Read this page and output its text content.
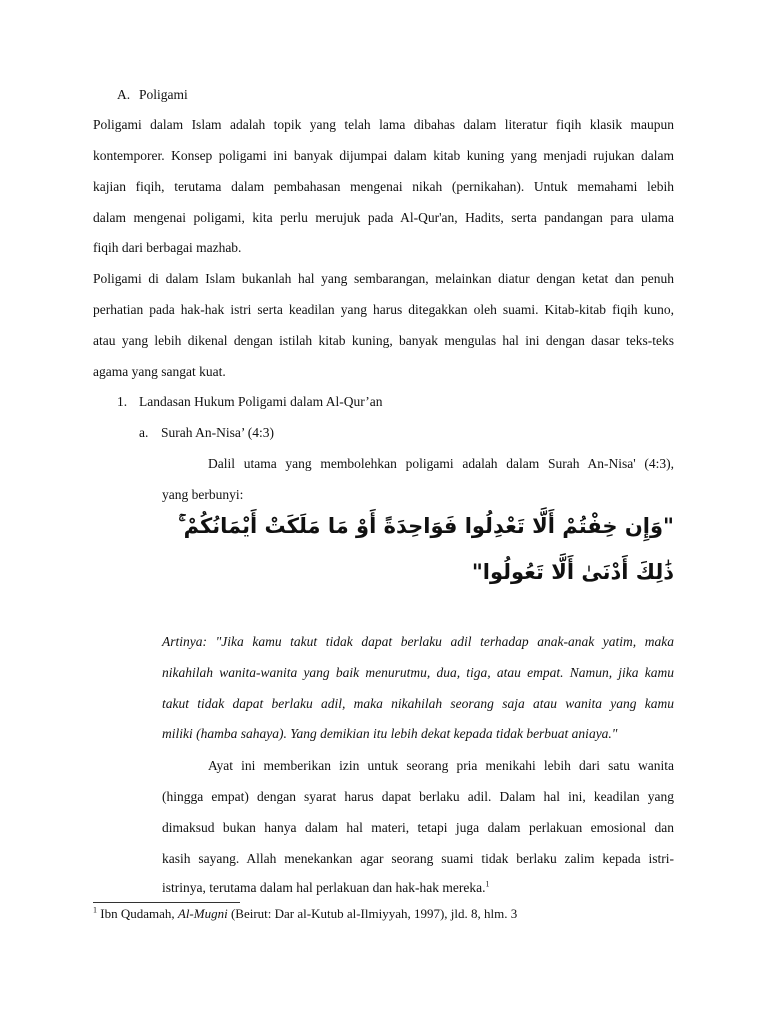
A. Poligami
Poligami dalam Islam adalah topik yang telah lama dibahas dalam literatur fiqih klasik maupun
kontemporer. Konsep poligami ini banyak dijumpai dalam kitab kuning yang menjadi rujukan dalam
kajian fiqih, terutama dalam pembahasan mengenai nikah (pernikahan). Untuk memahami lebih
dalam mengenai poligami, kita perlu merujuk pada Al-Qur'an, Hadits, serta pandangan para ulama
fiqih dari berbagai mazhab.
Poligami di dalam Islam bukanlah hal yang sembarangan, melainkan diatur dengan ketat dan penuh
perhatian pada hak-hak istri serta keadilan yang harus ditegakkan oleh suami. Kitab-kitab fiqih kuno,
atau yang lebih dikenal dengan istilah kitab kuning, banyak mengulas hal ini dengan dasar teks-teks
agama yang sangat kuat.
1. Landasan Hukum Poligami dalam Al-Qur’an
a. Surah An-Nisa’ (4:3)
Dalil utama yang membolehkan poligami adalah dalam Surah An-Nisa' (4:3),
yang berbunyi:
"وَإِن خِفْتُمْ أَلَّا تَعْدِلُوا فَوَاحِدَةً أَوْ مَا مَلَكَتْ أَيْمَانُكُمْ ۚ
ذَٰلِكَ أَدْنَىٰ أَلَّا تَعُولُوا"
Artinya: "Jika kamu takut tidak dapat berlaku adil terhadap anak-anak yatim, maka
nikahilah wanita-wanita yang baik menurutmu, dua, tiga, atau empat. Namun, jika kamu
takut tidak dapat berlaku adil, maka nikahilah seorang saja atau wanita yang kamu
miliki (hamba sahaya). Yang demikian itu lebih dekat kepada tidak berbuat aniaya."
Ayat ini memberikan izin untuk seorang pria menikahi lebih dari satu wanita
(hingga empat) dengan syarat harus dapat berlaku adil. Dalam hal ini, keadilan yang
dimaksud bukan hanya dalam hal materi, tetapi juga dalam perlakuan emosional dan
kasih sayang. Allah menekankan agar seorang suami tidak berlaku zalim kepada istri-
istrinya, terutama dalam hal perlakuan dan hak-hak mereka.$^1$
$^1$ Ibn Qudamah, Al-Mugni (Beirut: Dar al-Kutub al-Ilmiyyah, 1997), jld. 8, hlm. 3
